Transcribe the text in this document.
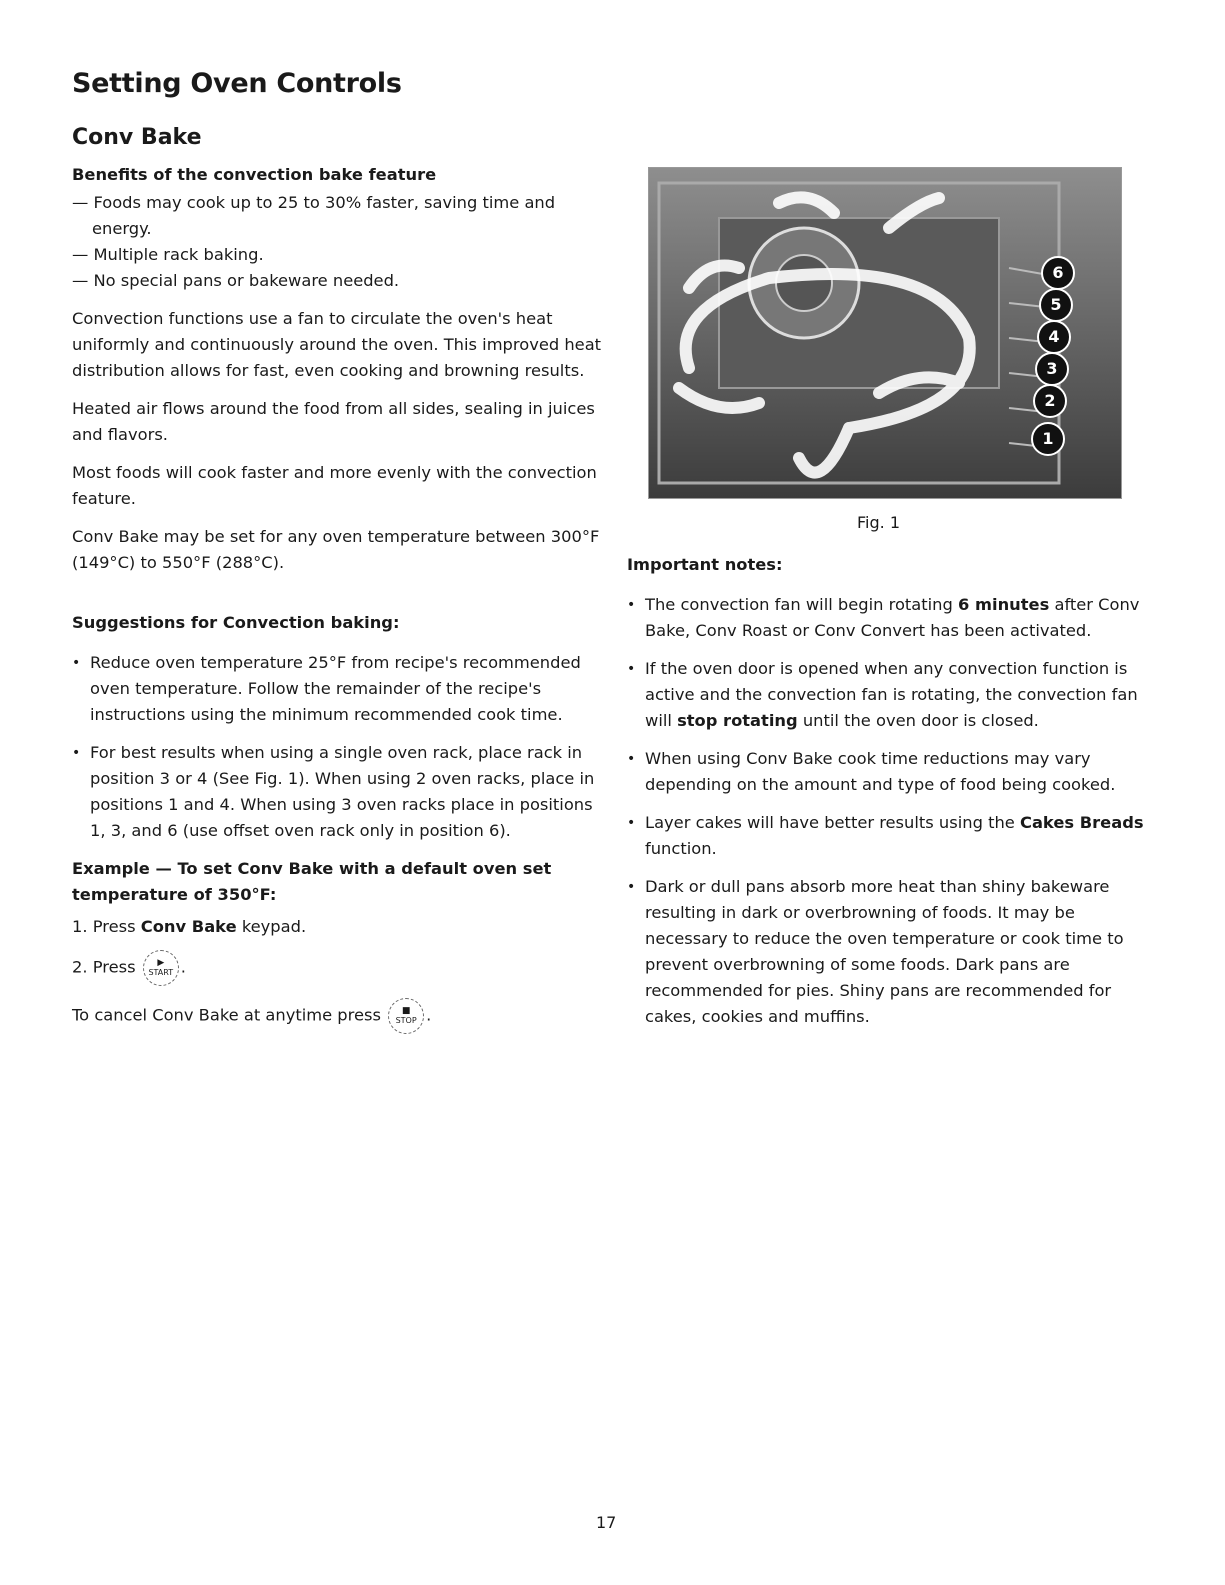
Setting Oven Controls
Conv Bake

Benefits of the convection bake feature

— Foods may cook up to 25 to 30% faster, saving time and energy.
— Multiple rack baking.
— No special pans or bakeware needed.

Convection functions use a fan to circulate the oven's heat uniformly and continuously around the oven. This improved heat distribution allows for fast, even cooking and browning results.

Heated air flows around the food from all sides, sealing in juices and flavors.

Most foods will cook faster and more evenly with the convection feature.

Conv Bake may be set for any oven temperature between 300°F (149°C) to 550°F (288°C).

Suggestions for Convection baking:

• Reduce oven temperature 25°F from recipe's recommended oven temperature. Follow the remainder of the recipe's instructions using the minimum recommended cook time.
• For best results when using a single oven rack, place rack in position 3 or 4 (See Fig. 1). When using 2 oven racks, place in positions 1 and 4. When using 3 oven racks place in positions 1, 3, and 6 (use offset oven rack only in position 6).

Example — To set Conv Bake with a default oven set temperature of 350°F:

1. Press Conv Bake keypad.
2. Press ▶
START .

To cancel Conv Bake at anytime press ■
STOP .

6
5
4
3
2
1

Fig. 1

Important notes:

• The convection fan will begin rotating 6 minutes after Conv Bake, Conv Roast or Conv Convert has been activated.
• If the oven door is opened when any convection function is active and the convection fan is rotating, the convection fan will stop rotating until the oven door is closed.
• When using Conv Bake cook time reductions may vary depending on the amount and type of food being cooked.
• Layer cakes will have better results using the Cakes Breads function.
• Dark or dull pans absorb more heat than shiny bakeware resulting in dark or overbrowning of foods. It may be necessary to reduce the oven temperature or cook time to prevent overbrowning of some foods. Dark pans are recommended for pies. Shiny pans are recommended for cakes, cookies and muffins.
17
